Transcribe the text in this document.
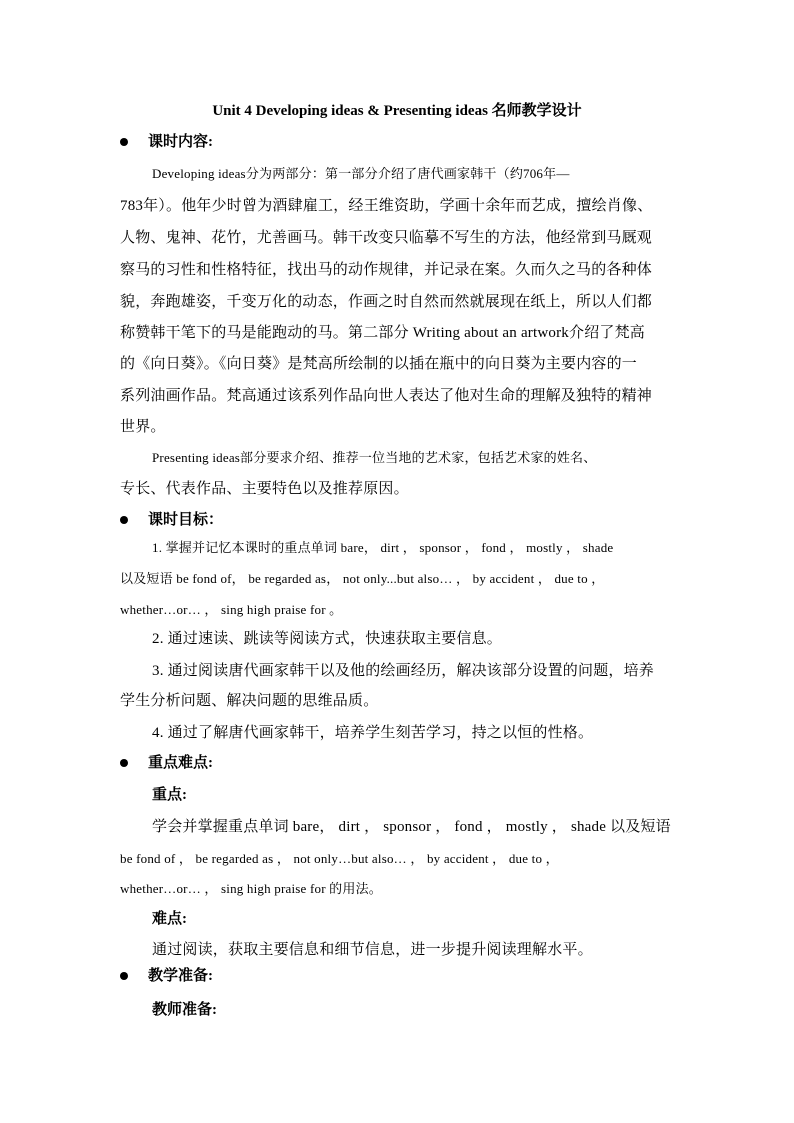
Unit 4 Developing ideas & Presenting ideas 名师教学设计
课时内容:
Developing ideas分为两部分：第一部分介绍了唐代画家韩干（约706年—
783年）。他年少时曾为酒肆雇工，经王维资助，学画十余年而艺成，擅绘肖像、
人物、鬼神、花竹，尤善画马。韩干改变只临摹不写生的方法，他经常到马厩观
察马的习性和性格特征，找出马的动作规律，并记录在案。久而久之马的各种体
貌，奔跑雄姿，千变万化的动态，作画之时自然而然就展现在纸上，所以人们都
称赞韩干笔下的马是能跑动的马。第二部分 Writing about an artwork介绍了梵高
的《向日葵》。《向日葵》是梵高所绘制的以插在瓶中的向日葵为主要内容的一
系列油画作品。梵高通过该系列作品向世人表达了他对生命的理解及独特的精神
世界。
Presenting ideas部分要求介绍、推荐一位当地的艺术家，包括艺术家的姓名、
专长、代表作品、主要特色以及推荐原因。
课时目标：
1. 掌握并记忆本课时的重点单词 bare， dirt ， sponsor ， fond ， mostly ， shade
以及短语 be fond of， be regarded as， not only...but also… ， by accident ， due to ，
whether…or… ， sing high praise for 。
2. 通过速读、跳读等阅读方式，快速获取主要信息。
3. 通过阅读唐代画家韩干以及他的绘画经历，解决该部分设置的问题，培养
学生分析问题、解决问题的思维品质。
4. 通过了解唐代画家韩干，培养学生刻苦学习，持之以恒的性格。
重点难点:
重点:
学会并掌握重点单词 bare， dirt ， sponsor ， fond ， mostly ， shade 以及短语
be fond of ， be regarded as ， not only…but also… ， by accident ， due to ，
whether…or… ， sing high praise for 的用法。
难点:
通过阅读，获取主要信息和细节信息，进一步提升阅读理解水平。
教学准备:
教师准备:
